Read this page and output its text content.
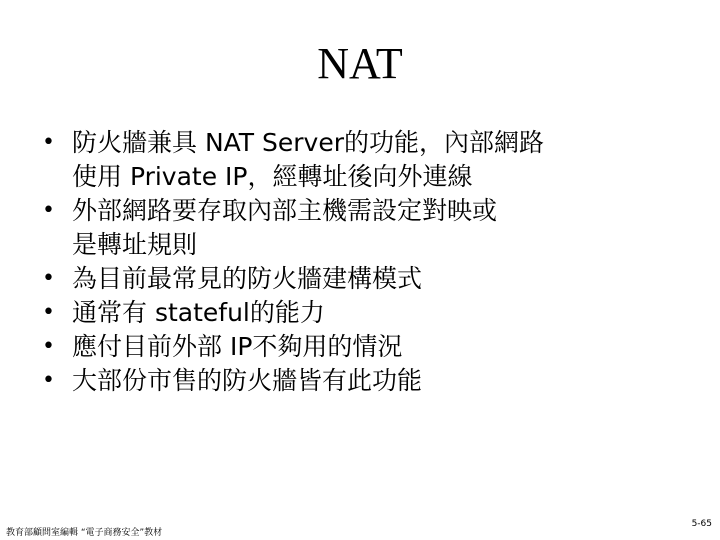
NAT
• 防火牆兼具 NAT Server的功能，內部網路
使用 Private IP，經轉址後向外連線
• 外部網路要存取內部主機需設定對映或
是轉址規則
• 為目前最常見的防火牆建構模式
• 通常有 stateful的能力
• 應付目前外部 IP不夠用的情況
• 大部份市售的防火牆皆有此功能
教育部顧問室編輯 “電子商務安全”教材
5-65
